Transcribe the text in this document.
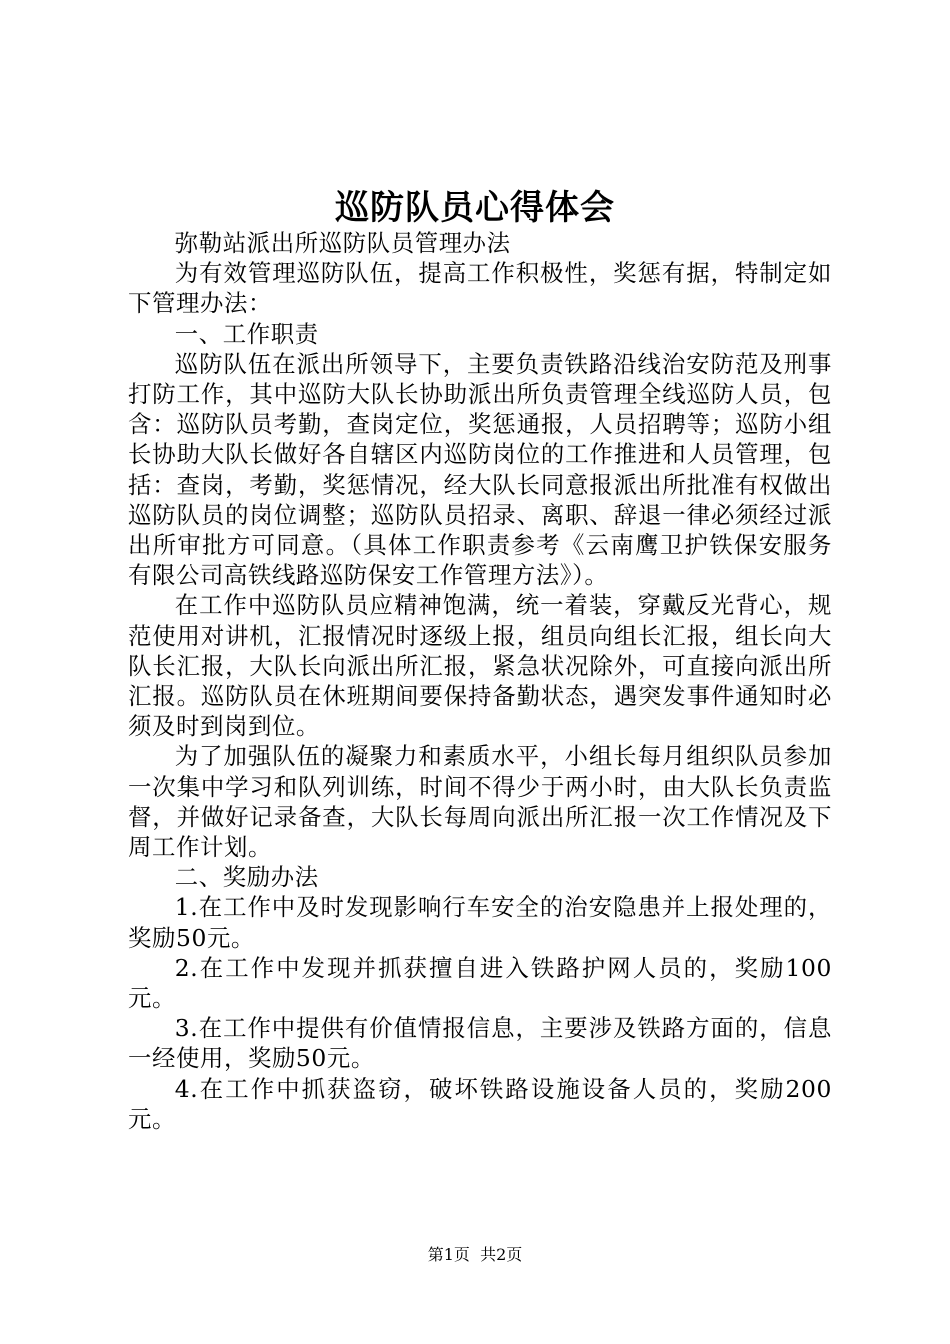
巡防队员心得体会

弥勒站派出所巡防队员管理办法

为有效管理巡防队伍，提高工作积极性，奖惩有据，特制定如下管理办法：

一、工作职责

巡防队伍在派出所领导下，主要负责铁路沿线治安防范及刑事打防工作，其中巡防大队长协助派出所负责管理全线巡防人员，包含：巡防队员考勤，查岗定位，奖惩通报，人员招聘等；巡防小组长协助大队长做好各自辖区内巡防岗位的工作推进和人员管理，包括：查岗，考勤，奖惩情况，经大队长同意报派出所批准有权做出巡防队员的岗位调整；巡防队员招录、离职、辞退一律必须经过派出所审批方可同意。（具体工作职责参考《云南鹰卫护铁保安服务有限公司高铁线路巡防保安工作管理方法》）。

在工作中巡防队员应精神饱满，统一着装，穿戴反光背心，规范使用对讲机，汇报情况时逐级上报，组员向组长汇报，组长向大队长汇报，大队长向派出所汇报，紧急状况除外，可直接向派出所汇报。巡防队员在休班期间要保持备勤状态，遇突发事件通知时必须及时到岗到位。

为了加强队伍的凝聚力和素质水平，小组长每月组织队员参加一次集中学习和队列训练，时间不得少于两小时，由大队长负责监督，并做好记录备查，大队长每周向派出所汇报一次工作情况及下周工作计划。

二、奖励办法

1.在工作中及时发现影响行车安全的治安隐患并上报处理的，奖励50元。

2.在工作中发现并抓获擅自进入铁路护网人员的，奖励100元。

3.在工作中提供有价值情报信息，主要涉及铁路方面的，信息一经使用，奖励50元。

4.在工作中抓获盗窃，破坏铁路设施设备人员的，奖励200元。

第1页 共2页
